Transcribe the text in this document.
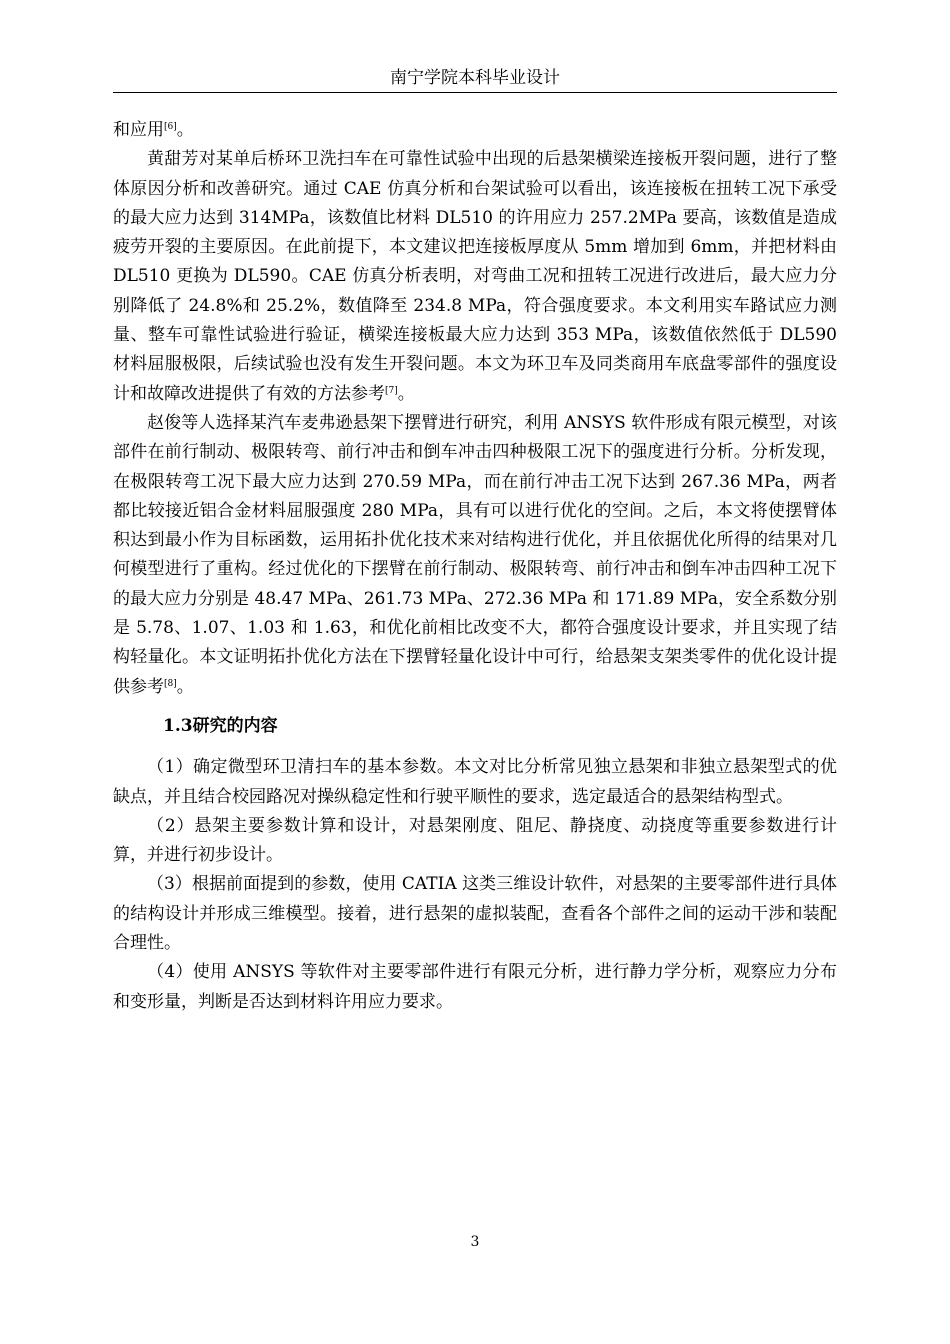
南宁学院本科毕业设计

和应用[6]。

黄甜芳对某单后桥环卫洗扫车在可靠性试验中出现的后悬架横梁连接板开裂问题，进行了整体原因分析和改善研究。通过 CAE 仿真分析和台架试验可以看出，该连接板在扭转工况下承受的最大应力达到 314MPa，该数值比材料 DL510 的许用应力 257.2MPa 要高，该数值是造成疲劳开裂的主要原因。在此前提下，本文建议把连接板厚度从 5mm 增加到 6mm，并把材料由 DL510 更换为 DL590。CAE 仿真分析表明，对弯曲工况和扭转工况进行改进后，最大应力分别降低了 24.8%和 25.2%，数值降至 234.8 MPa，符合强度要求。本文利用实车路试应力测量、整车可靠性试验进行验证，横梁连接板最大应力达到 353 MPa，该数值依然低于 DL590 材料屈服极限，后续试验也没有发生开裂问题。本文为环卫车及同类商用车底盘零部件的强度设计和故障改进提供了有效的方法参考[7]。

赵俊等人选择某汽车麦弗逊悬架下摆臂进行研究，利用 ANSYS 软件形成有限元模型，对该部件在前行制动、极限转弯、前行冲击和倒车冲击四种极限工况下的强度进行分析。分析发现，在极限转弯工况下最大应力达到 270.59 MPa，而在前行冲击工况下达到 267.36 MPa，两者都比较接近铝合金材料屈服强度 280 MPa，具有可以进行优化的空间。之后，本文将使摆臂体积达到最小作为目标函数，运用拓扑优化技术来对结构进行优化，并且依据优化所得的结果对几何模型进行了重构。经过优化的下摆臂在前行制动、极限转弯、前行冲击和倒车冲击四种工况下的最大应力分别是 48.47 MPa、261.73 MPa、272.36 MPa 和 171.89 MPa，安全系数分别是 5.78、1.07、1.03 和 1.63，和优化前相比改变不大，都符合强度设计要求，并且实现了结构轻量化。本文证明拓扑优化方法在下摆臂轻量化设计中可行，给悬架支架类零件的优化设计提供参考[8]。

1.3研究的内容

（1）确定微型环卫清扫车的基本参数。本文对比分析常见独立悬架和非独立悬架型式的优缺点，并且结合校园路况对操纵稳定性和行驶平顺性的要求，选定最适合的悬架结构型式。

（2）悬架主要参数计算和设计，对悬架刚度、阻尼、静挠度、动挠度等重要参数进行计算，并进行初步设计。

（3）根据前面提到的参数，使用 CATIA 这类三维设计软件，对悬架的主要零部件进行具体的结构设计并形成三维模型。接着，进行悬架的虚拟装配，查看各个部件之间的运动干涉和装配合理性。

（4）使用 ANSYS 等软件对主要零部件进行有限元分析，进行静力学分析，观察应力分布和变形量，判断是否达到材料许用应力要求。

3
